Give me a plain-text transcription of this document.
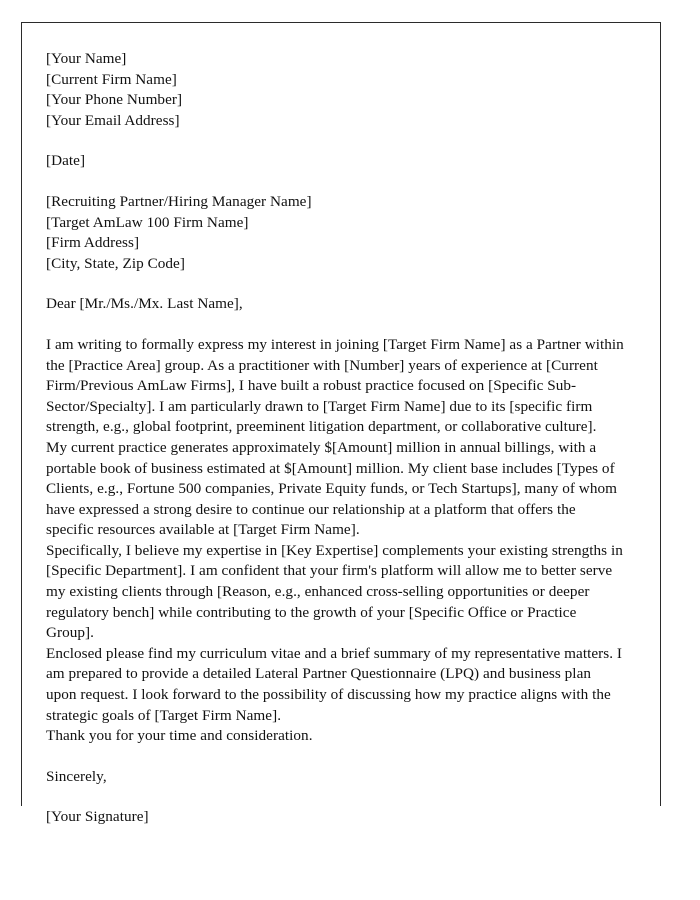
[Your Name]
[Current Firm Name]
[Your Phone Number]
[Your Email Address]
[Date]
[Recruiting Partner/Hiring Manager Name]
[Target AmLaw 100 Firm Name]
[Firm Address]
[City, State, Zip Code]
Dear [Mr./Ms./Mx. Last Name],

I am writing to formally express my interest in joining [Target Firm Name] as a Partner within the [Practice Area] group. As a practitioner with [Number] years of experience at [Current Firm/Previous AmLaw Firms], I have built a robust practice focused on [Specific Sub-Sector/Specialty]. I am particularly drawn to [Target Firm Name] due to its [specific firm strength, e.g., global footprint, preeminent litigation department, or collaborative culture].

My current practice generates approximately $[Amount] million in annual billings, with a portable book of business estimated at $[Amount] million. My client base includes [Types of Clients, e.g., Fortune 500 companies, Private Equity funds, or Tech Startups], many of whom have expressed a strong desire to continue our relationship at a platform that offers the specific resources available at [Target Firm Name].

Specifically, I believe my expertise in [Key Expertise] complements your existing strengths in [Specific Department]. I am confident that your firm's platform will allow me to better serve my existing clients through [Reason, e.g., enhanced cross-selling opportunities or deeper regulatory bench] while contributing to the growth of your [Specific Office or Practice Group].

Enclosed please find my curriculum vitae and a brief summary of my representative matters. I am prepared to provide a detailed Lateral Partner Questionnaire (LPQ) and business plan upon request. I look forward to the possibility of discussing how my practice aligns with the strategic goals of [Target Firm Name].

Thank you for your time and consideration.
Sincerely,
[Your Signature]
